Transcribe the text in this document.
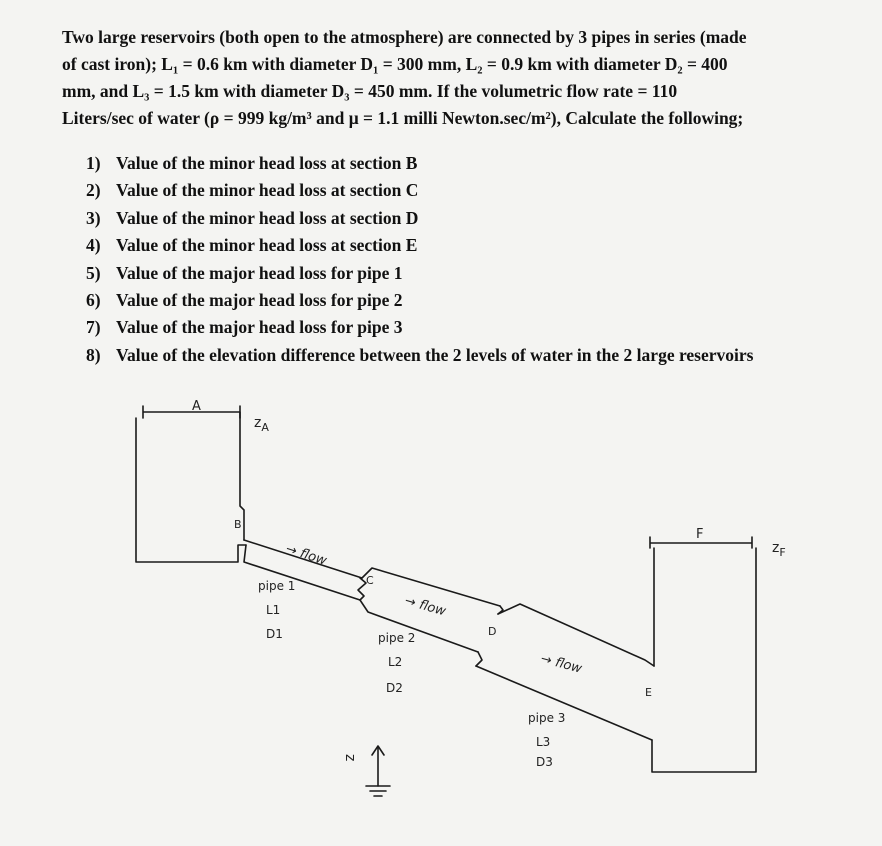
Two large reservoirs (both open to the atmosphere) are connected by 3 pipes in series (made
of cast iron); L₁ = 0.6 km with diameter D₁ = 300 mm, L₂ = 0.9 km with diameter D₂ = 400
mm, and L₃ = 1.5 km with diameter D₃ = 450 mm. If the volumetric flow rate = 110
Liters/sec of water (ρ = 999 kg/m³ and μ = 1.1 milli Newton.sec/m²), Calculate the following;
1) Value of the minor head loss at section B
2) Value of the minor head loss at section C
3) Value of the minor head loss at section D
4) Value of the minor head loss at section E
5) Value of the major head loss for pipe 1
6) Value of the major head loss for pipe 2
7) Value of the major head loss for pipe 3
8) Value of the elevation difference between the 2 levels of water in the 2 large reservoirs
A
$z_A$
B
→ flow
pipe 1
L1
D1
C
→ flow
D
pipe 2
L2
D2
→ flow
E
pipe 3
L3
D3
F
$z_F$
z
